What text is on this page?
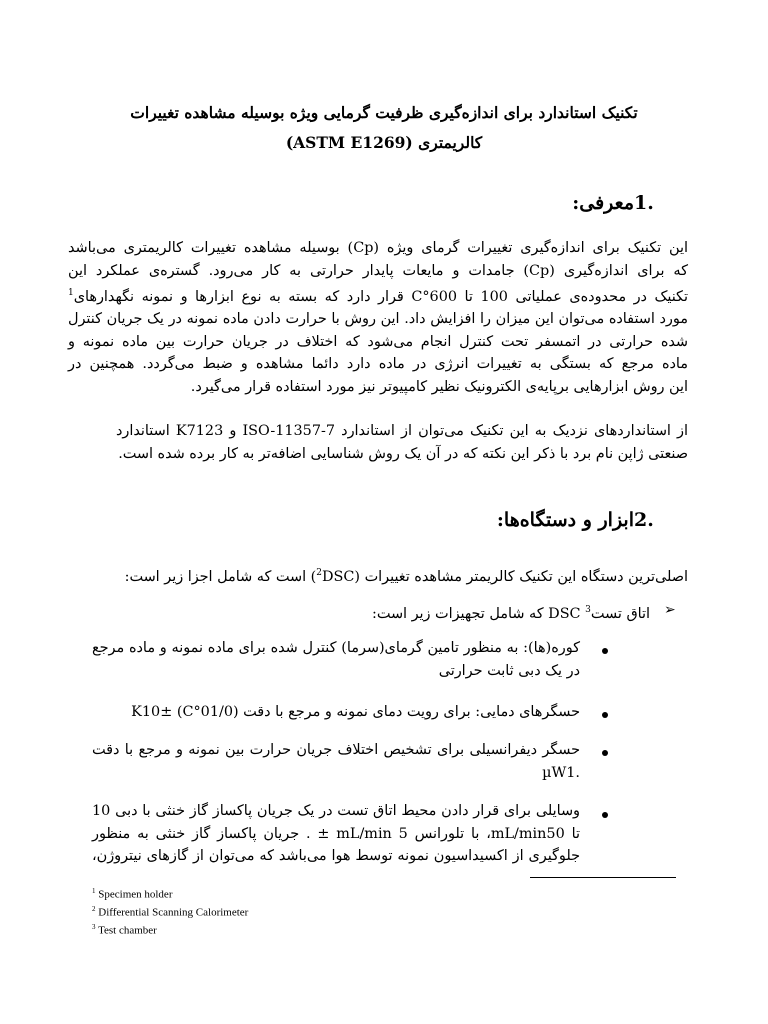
تکنیک استاندارد برای اندازه‌گیری ظرفیت گرمایی ویژه بوسیله مشاهده تغییرات
کالریمتری (ASTM E1269)
1.
معرفی:
این تکنیک برای اندازه‌گیری تغییرات گرمای ویژه (Cp) بوسیله مشاهده تغییرات کالریمتری می‌باشد
که برای اندازه‌گیری (Cp) جامدات و مایعات پایدار حرارتی به کار می‌رود. گستره‌ی عملکرد این
تکنیک در محدوده‌ی عملیاتی 100 تا 600°C قرار دارد که بسته به نوع ابزارها و نمونه نگهدارهای$^1$
مورد استفاده می‌توان این میزان را افزایش داد. این روش با حرارت دادن ماده نمونه در یک جریان کنترل
شده حرارتی در اتمسفر تحت کنترل انجام می‌شود که اختلاف در جریان حرارت بین ماده نمونه و
ماده مرجع که بستگی به تغییرات انرژی در ماده دارد دائما مشاهده و ضبط می‌گردد. همچنین در
این روش ابزارهایی برپایه‌ی الکترونیک نظیر کامپیوتر نیز مورد استفاده قرار می‌گیرد.
از استانداردهای نزدیک به این تکنیک می‌توان از استاندارد ISO-11357-7 و K7123 استاندارد
صنعتی ژاپن نام برد با ذکر این نکته که در آن یک روش شناسایی اضافه‌تر به کار برده شده است.
2.
ابزار و دستگاه‌ها:
اصلی‌ترین دستگاه این تکنیک کالریمتر مشاهده تغییرات ($^2$DSC) است که شامل اجزا زیر است:
➢
اتاق تست$^3$ DSC که شامل تجهیزات زیر است:
کوره(ها): به منظور تامین گرمای(سرما) کنترل شده برای ماده نمونه و ماده مرجع
در یک دبی ثابت حرارتی
حسگرهای دمایی: برای رویت دمای نمونه و مرجع با دقت (C°01/0) ±K10
حسگر دیفرانسیلی برای تشخیص اختلاف جریان حرارت بین نمونه و مرجع با دقت
.µW1
وسایلی برای قرار دادن محیط اتاق تست در یک جریان پاکساز گاز خنثی با دبی 10
تا mL/min50، با تلورانس mL/min 5 ± . جریان پاکساز گاز خنثی به منظور
جلوگیری از اکسیداسیون نمونه توسط هوا می‌باشد که می‌توان از گازهای نیتروژن،
$^1$ Specimen holder
$^2$ Differential Scanning Calorimeter
$^3$ Test chamber
